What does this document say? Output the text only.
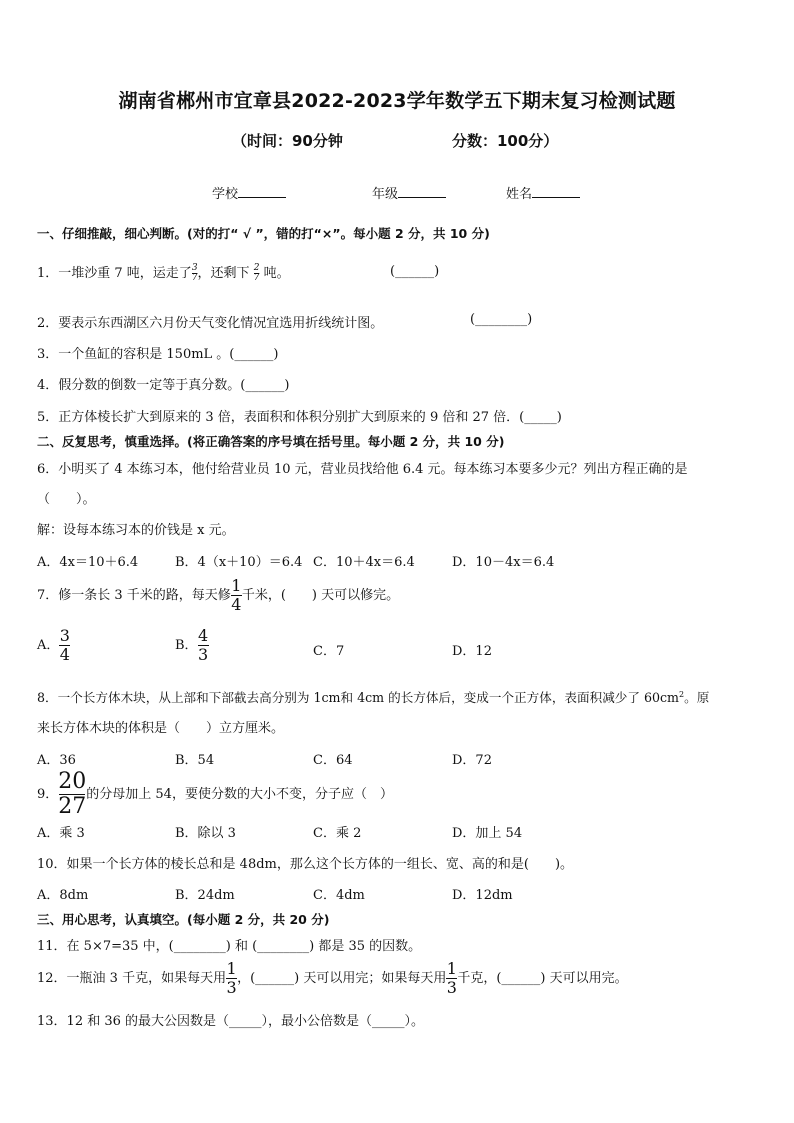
湖南省郴州市宜章县2022-2023学年数学五下期末复习检测试题
（时间：90分钟	分数：100分）
学校	年级	姓名
一、仔细推敲，细心判断。(对的打“ √ ”，错的打“×”。每小题 2 分，共 10 分)
1．一堆沙重 7 吨，运走了 $\frac{3}{7}$ ，还剩下 $\frac{2}{7}$ 吨。	(______)
2．要表示东西湖区六月份天气变化情况宜选用折线统计图。	(________)
3．一个鱼缸的容积是 150mL 。(______)
4．假分数的倒数一定等于真分数。(______)
5．正方体棱长扩大到原来的 3 倍，表面积和体积分别扩大到原来的 9 倍和 27 倍．(_____)
二、反复思考，慎重选择。(将正确答案的序号填在括号里。每小题 2 分，共 10 分)
6．小明买了 4 本练习本，他付给营业员 10 元，营业员找给他 6.4 元。每本练习本要多少元？列出方程正确的是
（　　）。
解：设每本练习本的价钱是 x 元。
A．4x＝10＋6.4	B．4（x＋10）＝6.4 C．10＋4x＝6.4	D．10－4x＝6.4
7．修一条长 3 千米的路，每天修 $\frac{1}{4}$ 千米，(　　) 天可以修完。
A． $\frac{3}{4}$	B． $\frac{4}{3}$	C．7	D．12
8．一个长方体木块，从上部和下部截去高分别为 1cm和 4cm 的长方体后，变成一个正方体，表面积减少了 $60cm^2$。原
来长方体木块的体积是（　　）立方厘米。
A．36	B．54	C．64	D．72
9． $\frac{20}{27}$ 的分母加上 54，要使分数的大小不变，分子应（　）
A．乘 3	B．除以 3	C．乘 2	D．加上 54
10．如果一个长方体的棱长总和是 48dm，那么这个长方体的一组长、宽、高的和是(　　)。
A．8dm	B．24dm	C．4dm	D．12dm
三、用心思考，认真填空。(每小题 2 分，共 20 分)
11．在 5×7=35 中，(________) 和 (________) 都是 35 的因数。
12．一瓶油 3 千克，如果每天用 $\frac{1}{3}$ ，(______) 天可以用完；如果每天用 $\frac{1}{3}$ 千克，(______) 天可以用完。
13．12 和 36 的最大公因数是（_____），最小公倍数是（_____）。
